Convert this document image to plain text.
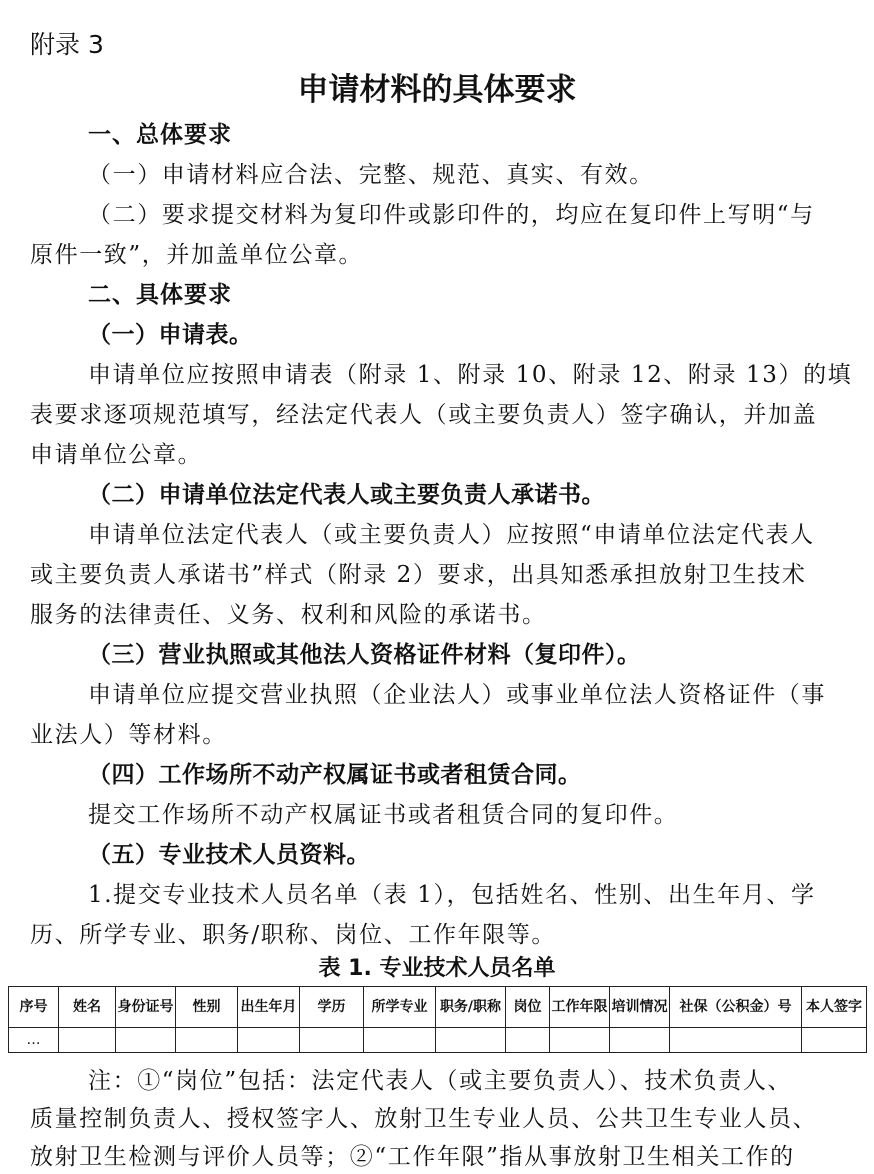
附录 3
申请材料的具体要求
一、总体要求
（一）申请材料应合法、完整、规范、真实、有效。
（二）要求提交材料为复印件或影印件的，均应在复印件上写明“与
原件一致”，并加盖单位公章。
二、具体要求
（一）申请表。
申请单位应按照申请表（附录 1、附录 10、附录 12、附录 13）的填
表要求逐项规范填写，经法定代表人（或主要负责人）签字确认，并加盖
申请单位公章。
（二）申请单位法定代表人或主要负责人承诺书。
申请单位法定代表人（或主要负责人）应按照“申请单位法定代表人
或主要负责人承诺书”样式（附录 2）要求，出具知悉承担放射卫生技术
服务的法律责任、义务、权利和风险的承诺书。
（三）营业执照或其他法人资格证件材料（复印件）。
申请单位应提交营业执照（企业法人）或事业单位法人资格证件（事
业法人）等材料。
（四）工作场所不动产权属证书或者租赁合同。
提交工作场所不动产权属证书或者租赁合同的复印件。
（五）专业技术人员资料。
1.提交专业技术人员名单（表 1），包括姓名、性别、出生年月、学
历、所学专业、职务/职称、岗位、工作年限等。
表 1. 专业技术人员名单
序号	姓名	身份证号	性别	出生年月	学历	所学专业	职务/职称	岗位	工作年限	培训情况	社保（公积金）号	本人签字
…												
注：①“岗位”包括：法定代表人（或主要负责人）、技术负责人、
质量控制负责人、授权签字人、放射卫生专业人员、公共卫生专业人员、
放射卫生检测与评价人员等；②“工作年限”指从事放射卫生相关工作的
